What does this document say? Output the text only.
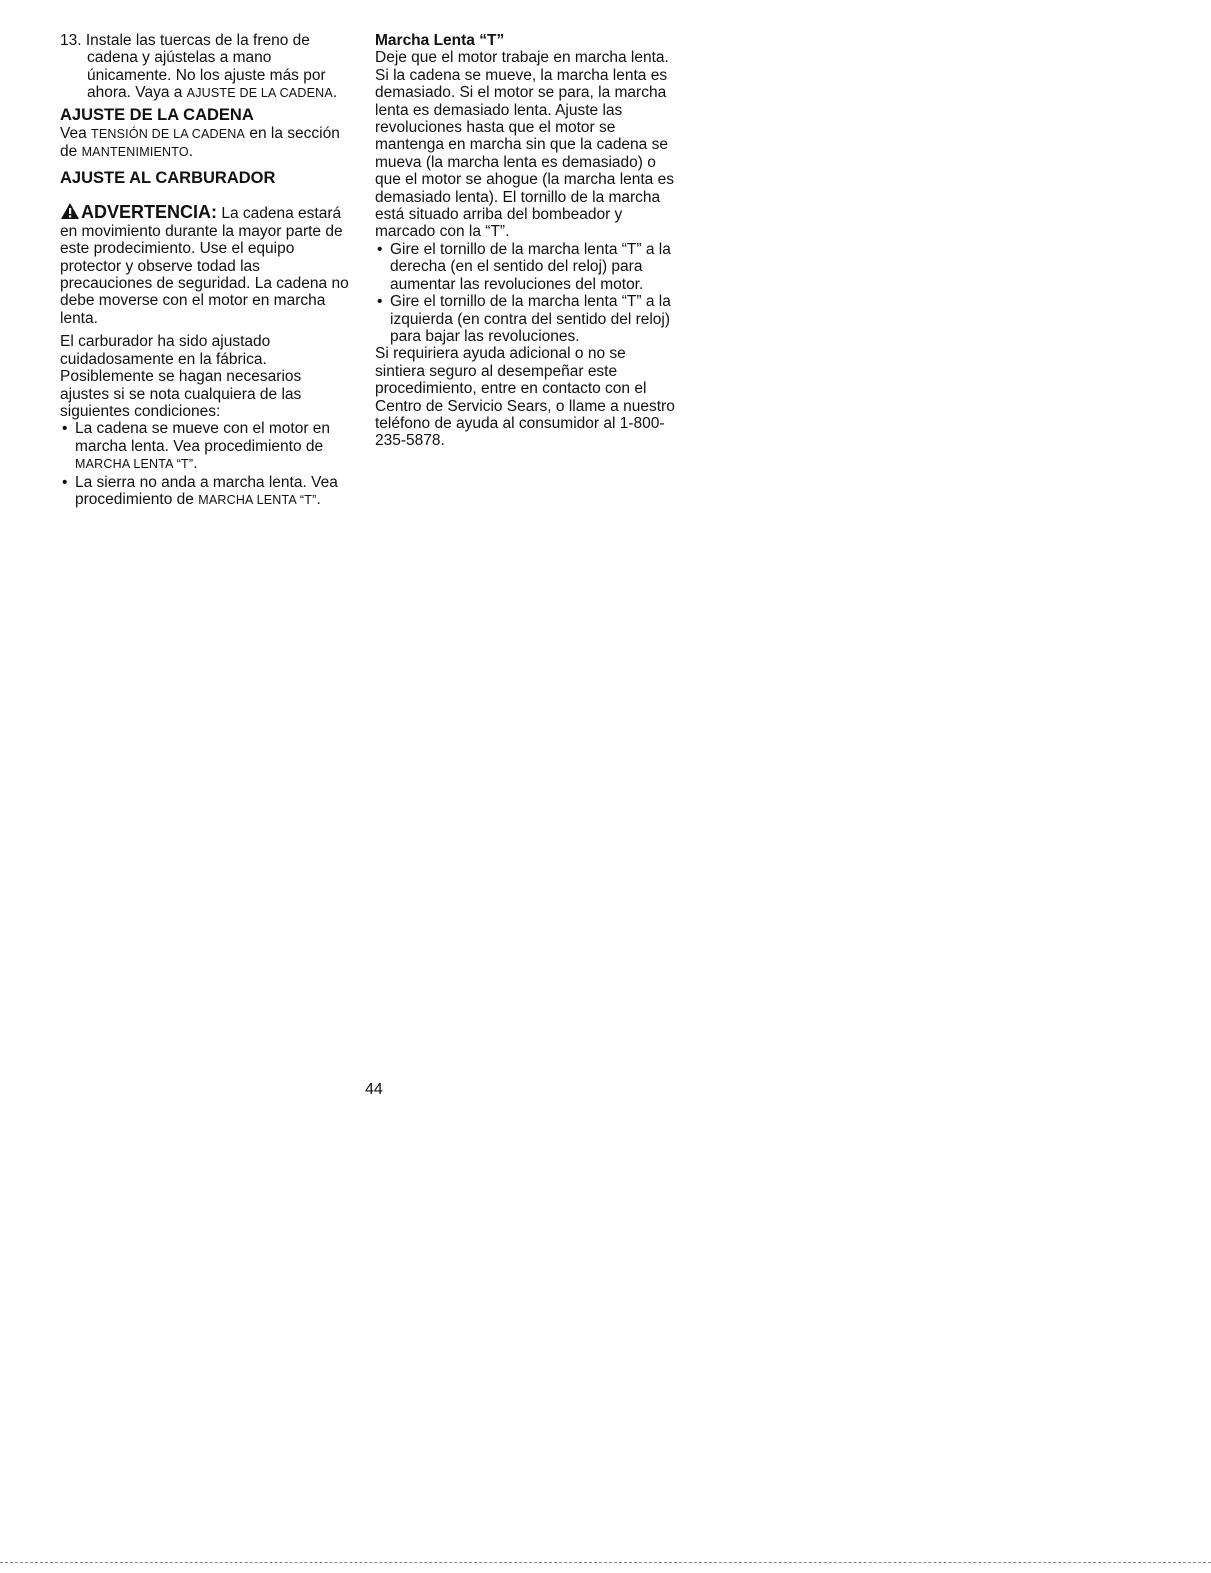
13. Instale las tuercas de la freno de cadena y ajústelas a mano únicamente. No los ajuste más por ahora. Vaya a AJUSTE DE LA CADENA.

AJUSTE DE LA CADENA

Vea TENSIÓN DE LA CADENA en la sección de MANTENIMIENTO.

AJUSTE AL CARBURADOR

ADVERTENCIA: La cadena estará en movimiento durante la mayor parte de este prodecimiento. Use el equipo protector y observe todad las precauciones de seguridad. La cadena no debe moverse con el motor en marcha lenta.

El carburador ha sido ajustado cuidadosamente en la fábrica. Posiblemente se hagan necesarios ajustes si se nota cualquiera de las siguientes condiciones:

• La cadena se mueve con el motor en marcha lenta. Vea procedimiento de MARCHA LENTA “T”.
• La sierra no anda a marcha lenta. Vea procedimiento de MARCHA LENTA “T”.
Marcha Lenta “T”

Deje que el motor trabaje en marcha lenta. Si la cadena se mueve, la marcha lenta es demasiado. Si el motor se para, la marcha lenta es demasiado lenta. Ajuste las revoluciones hasta que el motor se mantenga en marcha sin que la cadena se mueva (la marcha lenta es demasiado) o que el motor se ahogue (la marcha lenta es demasiado lenta). El tornillo de la marcha está situado arriba del bombeador y marcado con la “T”.

• Gire el tornillo de la marcha lenta “T” a la derecha (en el sentido del reloj) para aumentar las revoluciones del motor.
• Gire el tornillo de la marcha lenta “T” a la izquierda (en contra del sentido del reloj) para bajar las revoluciones.

Si requiriera ayuda adicional o no se sintiera seguro al desempeñar este procedimiento, entre en contacto con el Centro de Servicio Sears, o llame a nuestro teléfono de ayuda al consumidor al 1-800-235-5878.

44
